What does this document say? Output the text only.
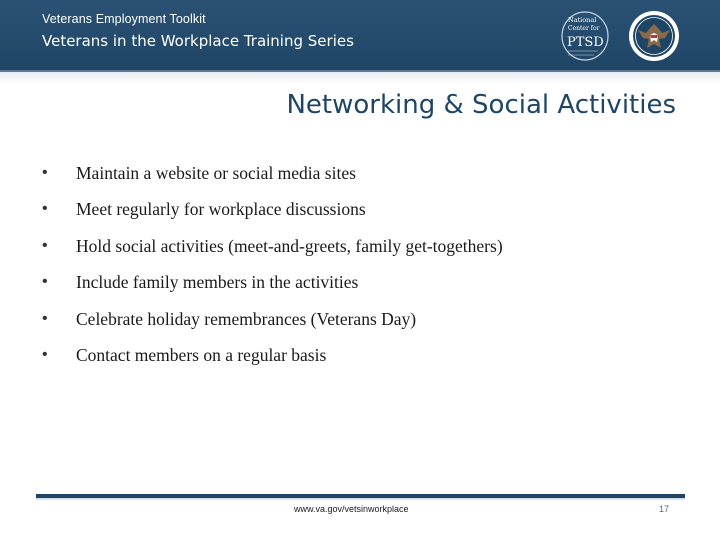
Veterans Employment Toolkit
Veterans in the Workplace Training Series
National
Center for
PTSD
Networking & Social Activities
• Maintain a website or social media sites
• Meet regularly for workplace discussions
• Hold social activities (meet-and-greets, family get-togethers)
• Include family members in the activities
• Celebrate holiday remembrances (Veterans Day)
• Contact members on a regular basis
www.va.gov/vetsinworkplace	17
